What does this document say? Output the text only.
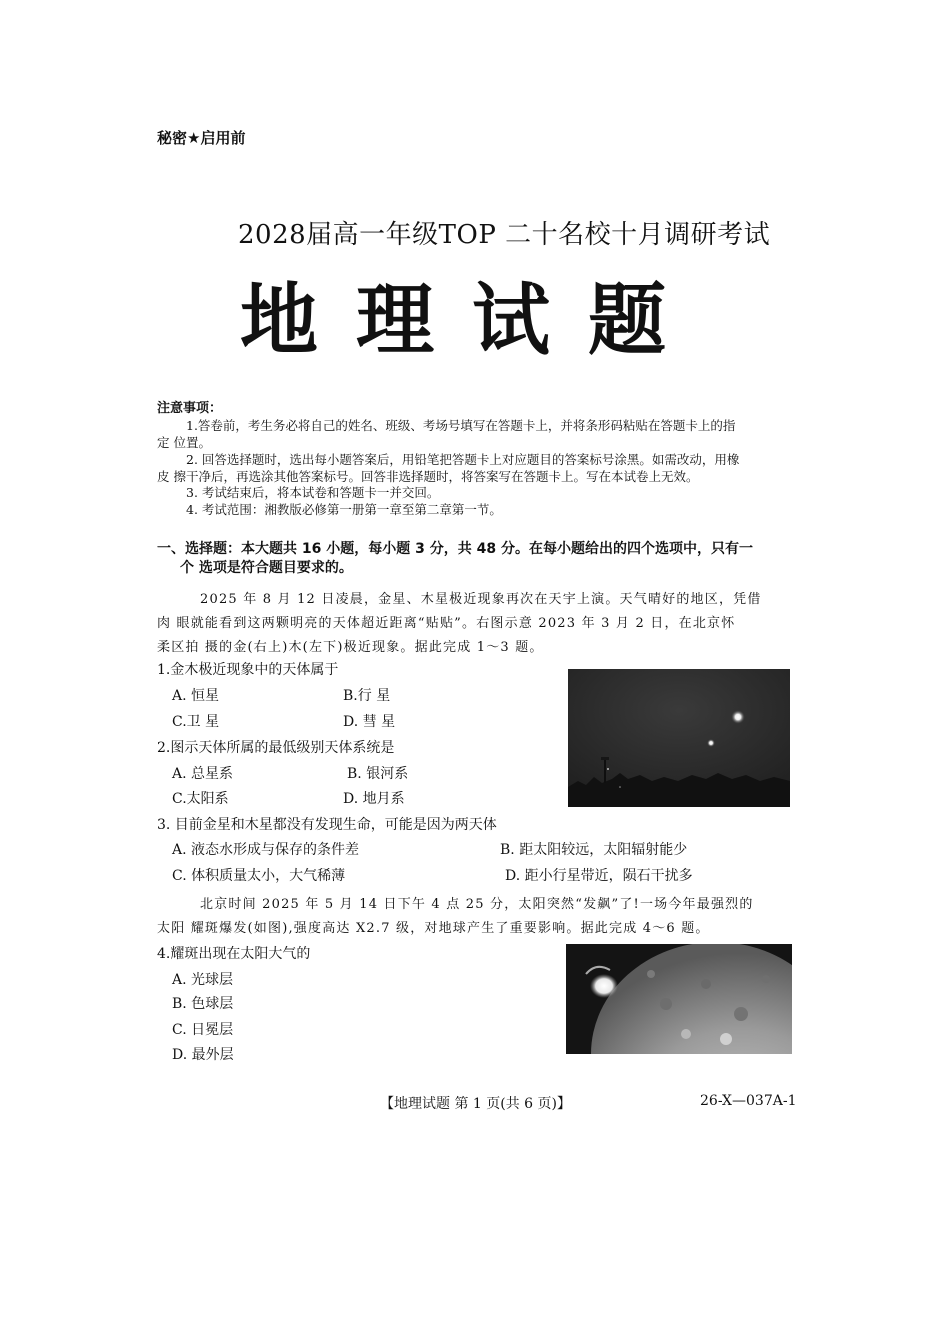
秘密★启用前
2028届高一年级TOP 二十名校十月调研考试
地理试题
注意事项：
1.答卷前，考生务必将自己的姓名、班级、考场号填写在答题卡上，并将条形码粘贴在答题卡上的指
定 位置。
2. 回答选择题时，选出每小题答案后，用铅笔把答题卡上对应题目的答案标号涂黑。如需改动，用橡
皮 擦干净后，再选涂其他答案标号。回答非选择题时，将答案写在答题卡上。写在本试卷上无效。
3. 考试结束后，将本试卷和答题卡一并交回。
4. 考试范围：湘教版必修第一册第一章至第二章第一节。
一、选择题：本大题共 16 小题，每小题 3 分，共 48 分。在每小题给出的四个选项中，只有一
个 选项是符合题目要求的。
2025 年 8 月 12 日凌晨，金星、木星极近现象再次在天宇上演。天气晴好的地区，凭借
肉 眼就能看到这两颗明亮的天体超近距离“贴贴”。右图示意 2023 年 3 月 2 日，在北京怀
柔区拍 摄的金(右上)木(左下)极近现象。据此完成 1～3 题。
1.金木极近现象中的天体属于
A. 恒星	B.行 星
C.卫 星	D. 彗 星
2.图示天体所属的最低级别天体系统是
A. 总星系	B. 银河系
C.太阳系	D. 地月系
3. 目前金星和木星都没有发现生命，可能是因为两天体
A. 液态水形成与保存的条件差	B. 距太阳较远，太阳辐射能少
C. 体积质量太小，大气稀薄	D. 距小行星带近，陨石干扰多
北京时间 2025 年 5 月 14 日下午 4 点 25 分，太阳突然“发飙”了!一场今年最强烈的
太阳 耀斑爆发(如图),强度高达 X2.7 级，对地球产生了重要影响。据此完成 4～6 题。
4.耀斑出现在太阳大气的
A. 光球层
B. 色球层
C. 日冕层
D. 最外层
【地理试题 第 1 页(共 6 页)】	26-X—037A-1
